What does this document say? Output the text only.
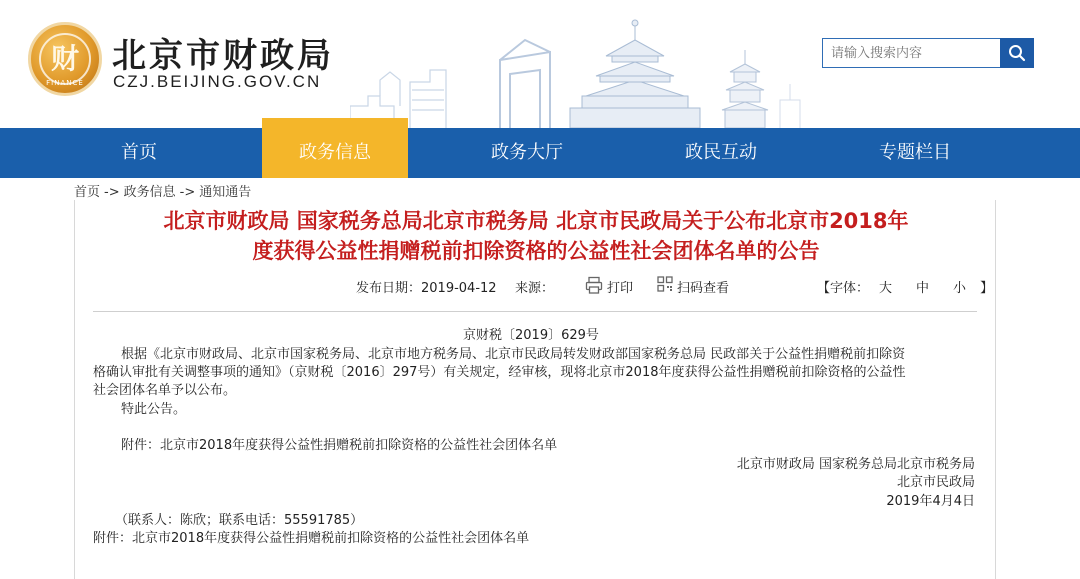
财
FINANCE
北京市财政局
CZJ.BEIJING.GOV.CN
请输入搜索内容
首页	政务信息	政务大厅	政民互动	专题栏目
首页 -> 政务信息 -> 通知通告
北京市财政局 国家税务总局北京市税务局 北京市民政局关于公布北京市2018年
度获得公益性捐赠税前扣除资格的公益性社会团体名单的公告
发布日期：2019-04-12 来源：	打印	扫码查看	【字体： 大 中 小 】
京财税〔2019〕629号
根据《北京市财政局、北京市国家税务局、北京市地方税务局、北京市民政局转发财政部国家税务总局 民政部关于公益性捐赠税前扣除资
格确认审批有关调整事项的通知》（京财税〔2016〕297号）有关规定，经审核，现将北京市2018年度获得公益性捐赠税前扣除资格的公益性
社会团体名单予以公布。
特此公告。
附件：北京市2018年度获得公益性捐赠税前扣除资格的公益性社会团体名单
北京市财政局 国家税务总局北京市税务局
北京市民政局
2019年4月4日
（联系人：陈欣；联系电话：55591785）
附件：北京市2018年度获得公益性捐赠税前扣除资格的公益性社会团体名单
